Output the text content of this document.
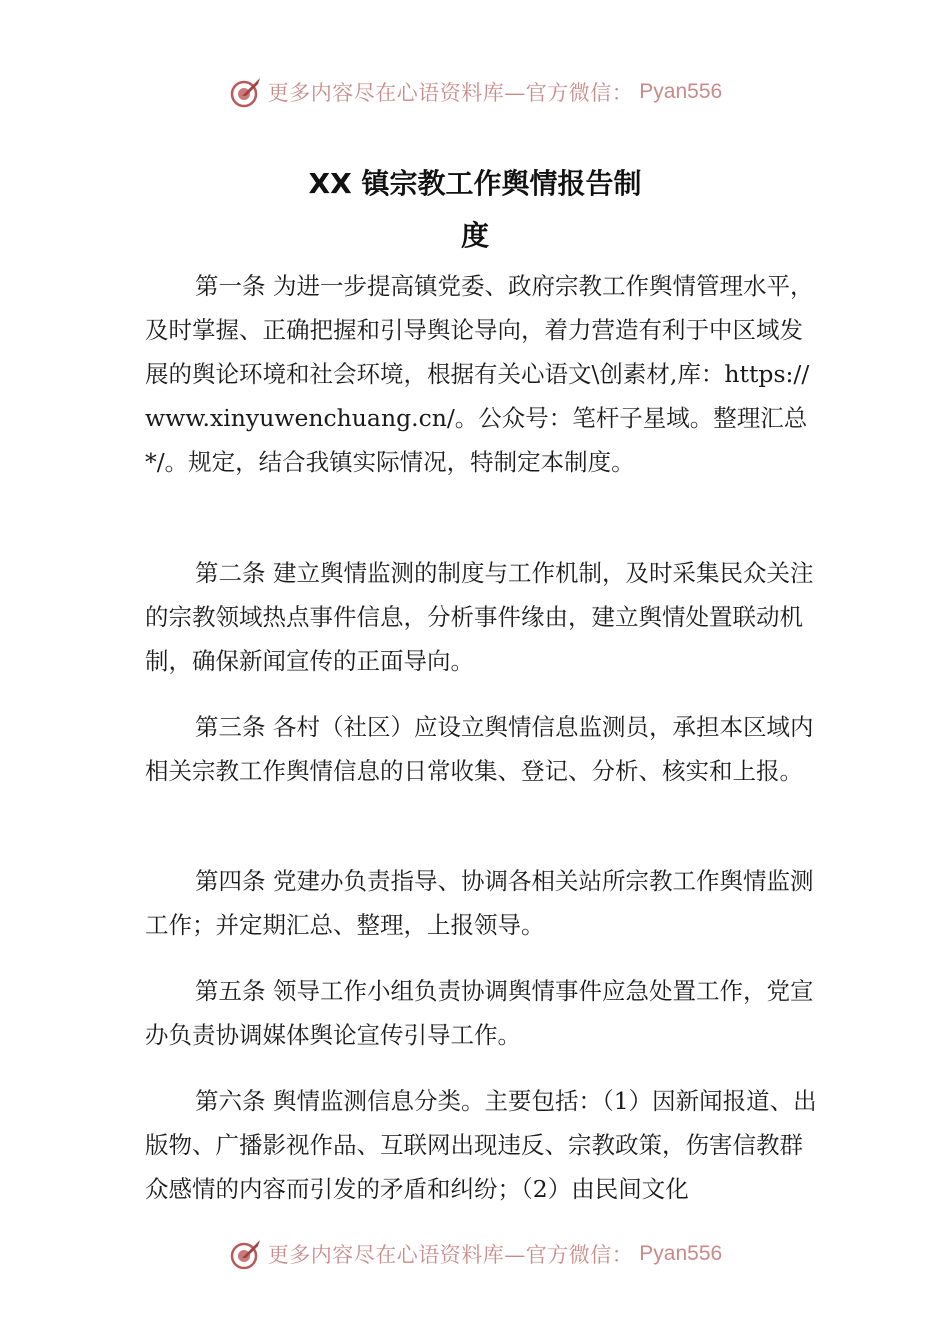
更多内容尽在心语资料库—官方微信： Pyan556
XX 镇宗教工作舆情报告制
度

第一条 为进一步提高镇党委、政府宗教工作舆情管理水平，及时掌握、正确把握和引导舆论导向，着力营造有利于中区域发展的舆论环境和社会环境，根据有关心语文\创素材,库：https://www.xinyuwenchuang.cn/。公众号：笔杆子星域。整理汇总*/。规定，结合我镇实际情况，特制定本制度。

第二条 建立舆情监测的制度与工作机制，及时采集民众关注的宗教领域热点事件信息，分析事件缘由，建立舆情处置联动机制，确保新闻宣传的正面导向。

第三条 各村（社区）应设立舆情信息监测员，承担本区域内相关宗教工作舆情信息的日常收集、登记、分析、核实和上报。

第四条 党建办负责指导、协调各相关站所宗教工作舆情监测工作；并定期汇总、整理，上报领导。

第五条 领导工作小组负责协调舆情事件应急处置工作，党宣办负责协调媒体舆论宣传引导工作。

第六条 舆情监测信息分类。主要包括：（1）因新闻报道、出版物、广播影视作品、互联网出现违反、宗教政策，伤害信教群众感情的内容而引发的矛盾和纠纷；（2）由民间文化

更多内容尽在心语资料库—官方微信： Pyan556
